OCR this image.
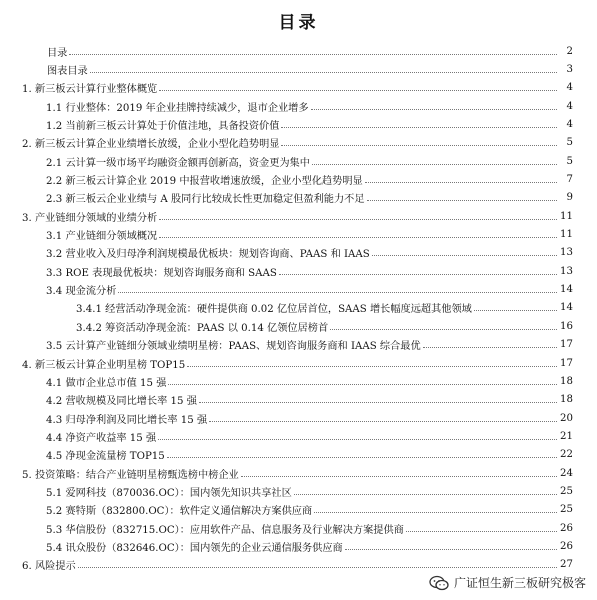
目录
目录	2
图表目录	3
1. 新三板云计算行业整体概览	4
1.1 行业整体：2019 年企业挂牌持续减少，退市企业增多	4
1.2 当前新三板云计算处于价值洼地，具备投资价值	4
2. 新三板云计算企业业绩增长放缓，企业小型化趋势明显	5
2.1 云计算一级市场平均融资金额再创新高，资金更为集中	5
2.2 新三板云计算企业 2019 中报营收增速放缓，企业小型化趋势明显	7
2.3 新三板云企业业绩与 A 股同行比较成长性更加稳定但盈利能力不足	9
3. 产业链细分领域的业绩分析	11
3.1 产业链细分领域概况	11
3.2 营业收入及归母净利润规模最优板块：规划咨询商、PAAS 和 IAAS	13
3.3 ROE 表现最优板块：规划咨询服务商和 SAAS	13
3.4 现金流分析	14
3.4.1 经营活动净现金流：硬件提供商 0.02 亿位居首位，SAAS 增长幅度远超其他领域	14
3.4.2 筹资活动净现金流：PAAS 以 0.14 亿领位居榜首	16
3.5 云计算产业链细分领域业绩明星榜：PAAS、规划咨询服务商和 IAAS 综合最优	17
4. 新三板云计算企业明星榜 TOP15	17
4.1 做市企业总市值 15 强	18
4.2 营收规模及同比增长率 15 强	18
4.3 归母净利润及同比增长率 15 强	20
4.4 净资产收益率 15 强	21
4.5 净现金流量榜 TOP15	22
5. 投资策略：结合产业链明星榜甄选榜中榜企业	24
5.1 爱网科技（870036.OC）：国内领先知识共享社区	25
5.2 赛特斯（832800.OC）：软件定义通信解决方案供应商	25
5.3 华信股份（832715.OC）：应用软件产品、信息服务及行业解决方案提供商	26
5.4 讯众股份（832646.OC）：国内领先的企业云通信服务供应商	26
6. 风险提示	27
广证恒生新三板研究极客
